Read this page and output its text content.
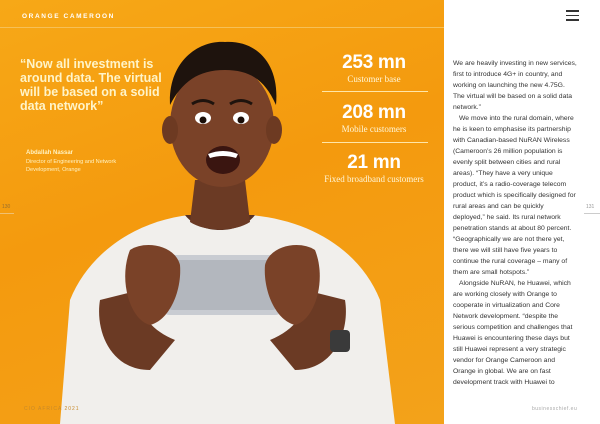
ORANGE CAMEROON
“Now all investment is around data. The virtual will be based on a solid data network”
Abdallah Nassar
Director of Engineering and Network Development, Orange
253 mn
Customer base
208 mn
Mobile customers
21 mn
Fixed broadband customers
130
CIO AFRICA 2021

We are heavily investing in new services, first to introduce 4G+ in country, and working on launching the new 4.75G. The virtual will be based on a solid data network.”

We move into the rural domain, where he is keen to emphasise its partnership with Canadian-based NuRAN Wireless (Cameroon’s 26 million population is evenly split between cities and rural areas). “They have a very unique product, it’s a radio-coverage telecom product which is specifically designed for rural areas and can be quickly deployed,” he said. Its rural network penetration stands at about 80 percent. “Geographically we are not there yet, there we will still have five years to continue the rural coverage – many of them are small hotspots.”

Alongside NuRAN, he Huawei, which are working closely with Orange to cooperate in virtualization and Core Network development. “despite the serious competition and challenges that Huawei is encountering these days but still Huawei represent a very strategic vendor for Orange Cameroon and Orange in global. We are on fast development track with Huawei to

131
businesschief.eu
